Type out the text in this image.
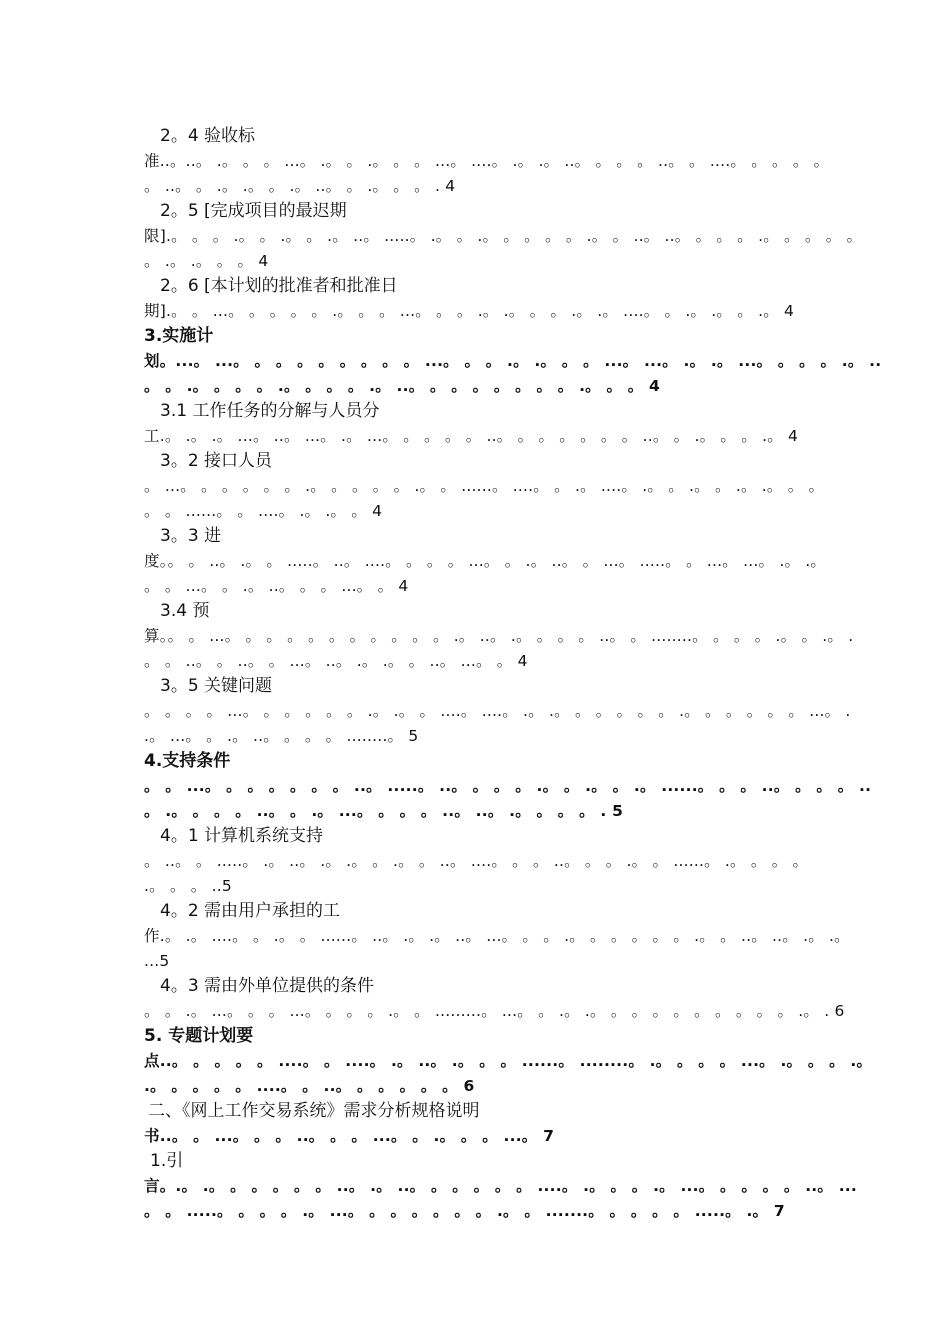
2。4 验收标
准..。..。 .。 。 。 ...。 .。 。 .。 。 。 ...。 ....。 .。 .。 ..。 。 。 。 ..。 。 ....。 。 。 。 。
。 ..。 。 .。 .。 。 .。 ..。 。 .。 。 。 . 4
2。5 [完成项目的最迟期
限].。 。 。 .。 。 .。 。 .。 ..。 .....。 .。 。 .。 。 。 。 。 .。 。 ..。 ..。 。 。 。 .。 。 。 。 。
。 .。 .。 。 。 4
2。6 [本计划的批准者和批准日
期].。 。 ...。 。 。 。 。 .。 。 。 ...。 。 。 .。 .。 。 。 .。 .。 ....。 。 .。 .。 。 .。 4
3.实施计
划。...。 ...。 。 。 。 。 。 。 。 。 ...。 。 。 .。 .。 。 。 ...。 ...。 .。 .。 ...。 。 。 。 .。 ..
。 。 .。 。 。 。 .。 。 。 。 .。 ..。 。 。 。 。 。 。 。 .。 。 。 4
3.1 工作任务的分解与人员分
工.。 .。 .。 ...。 ..。 ...。 .。 ...。 。 。 。 。 ..。 。 。 。 。 。 。 ..。 。 .。 。 。 .。 4
3。2 接口人员
。 ...。 。 。 。 。 。 .。 。 。 。 。 .。 。 ......。 ....。 。 .。 ....。 .。 。 .。 。 .。 .。 。 。
。 。 ......。 。 ....。 .。 .。 。 4
3。3 进
度。。 。 ..。 .。 。 .....。 ..。 ....。 。 。 。 ...。 。 .。 ..。 。 ...。 .....。 。 ...。 ...。 .。 .。
。 。 ...。 。 .。 ..。 。 。 ...。 。 4
3.4 预
算。。 。 ...。 。 。 。 。 。 。 。 。 。 。 .。 ..。 .。 。 。 。 ..。 。 ........。 。 。 。 .。 。 .。 .
。 。 ..。 。 ..。 。 ...。 ..。 .。 .。 。 ..。 ...。 。 4
3。5 关键问题
。 。 。 。 ...。 。 。 。 。 。 .。 .。 。 ....。 ....。 .。 .。 。 。 。 。 。 .。 。 。 。 。 。 ...。 .
.。 ...。 。 .。 ..。 。 。 。 ........。 5
4.支持条件
。 。 ...。 。 。 。 。 。 。 ..。 .....。 ..。 。 。 。 .。 。 .。 。 .。 ......。 。 。 ..。 。 。 。 ..
。 .。 。 。 。 ..。 。 .。 ...。 。 。 。 ..。 ..。 .。 。 。 。 . 5
4。1 计算机系统支持
。 ..。 。 .....。 .。 ..。 .。 .。 。 .。 。 ..。 ....。 。 。 ..。 。 。 .。 。 ......。 .。 。 。 。
.。 。 。 ..5
4。2 需由用户承担的工
作.。 .。 ....。 。 .。 。 ......。 ..。 .。 .。 ..。 ...。 。 。 .。 。 。 。 。 。 .。 。 ..。 ..。 .。 .。
...5
4。3 需由外单位提供的条件
。 。 .。 ...。 。 。 ...。 。 。 。 .。 。 .........。 ...。 。 .。 .。 。 。 。 。 。 。 。 。 。 .。 . 6
5. 专题计划要
点..。 。 。 。 。 ....。 。 ....。 .。 ..。 .。 。 。 ......。 ........。 .。 。 。 。 ...。 .。 。 。 .。
.。 。 。 。 。 ....。 。 ..。 。 。 。 。 。 6
二、《网上工作交易系统》需求分析规格说明
书..。 。 ...。 。 。 ..。 。 。 ...。 。 .。 。 。 ...。 7
1.引
言。.。 .。 。 。 。 。 。 ..。 .。 ..。 。 。 。 。 。 ....。 .。 。 。 .。 ...。 。 。 。 。 ..。 ...
。 。 .....。 。 。 。 .。 ...。 。 。 。 。 。 。 .。 。 .......。 。 。 。 。 .....。 .。 7
